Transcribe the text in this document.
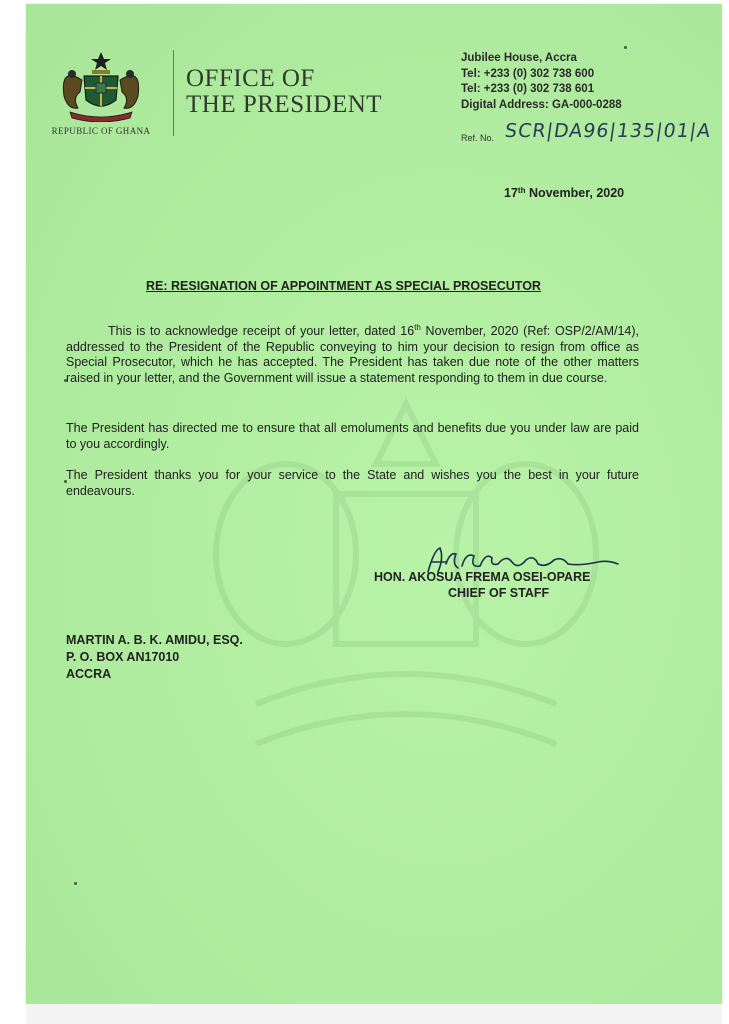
REPUBLIC OF GHANA
OFFICE OF
THE PRESIDENT
Jubilee House, Accra
Tel: +233 (0) 302 738 600
Tel: +233 (0) 302 738 601
Digital Address: GA-000-0288
Ref. No. SCR|DA96|135|01|A
17th November, 2020
RE: RESIGNATION OF APPOINTMENT AS SPECIAL PROSECUTOR
This is to acknowledge receipt of your letter, dated 16th November, 2020 (Ref: OSP/2/AM/14), addressed to the President of the Republic conveying to him your decision to resign from office as Special Prosecutor, which he has accepted. The President has taken due note of the other matters raised in your letter, and the Government will issue a statement responding to them in due course.
The President has directed me to ensure that all emoluments and benefits due you under law are paid to you accordingly.
The President thanks you for your service to the State and wishes you the best in your future endeavours.
HON. AKOSUA FREMA OSEI-OPARE
CHIEF OF STAFF
MARTIN A. B. K. AMIDU, ESQ.
P. O. BOX AN17010
ACCRA
